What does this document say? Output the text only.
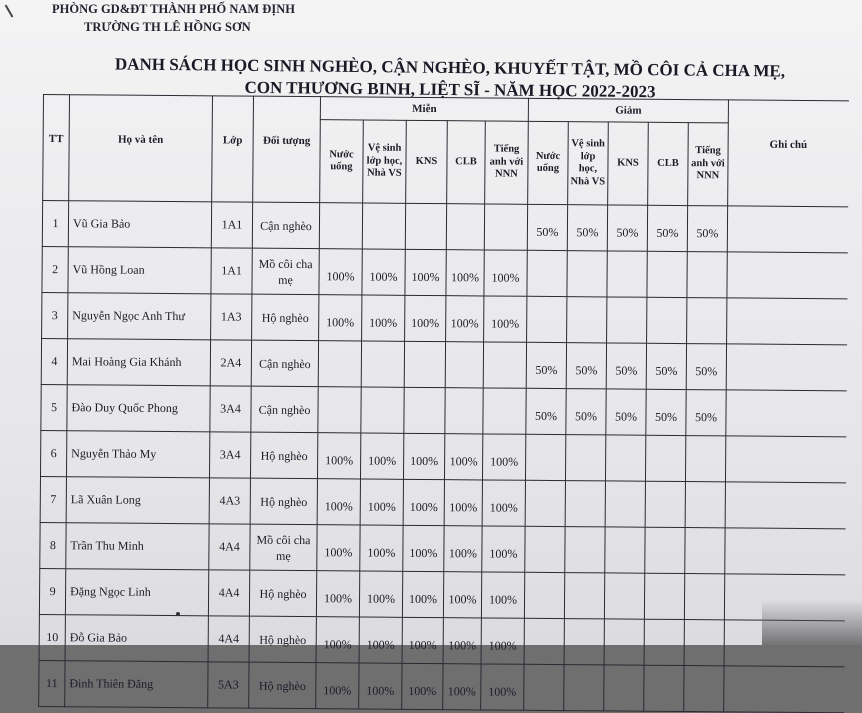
PHÒNG GD&ĐT THÀNH PHỐ NAM ĐỊNH
TRƯỜNG TH LÊ HỒNG SƠN
DANH SÁCH HỌC SINH NGHÈO, CẬN NGHÈO, KHUYẾT TẬT, MỒ CÔI CẢ CHA MẸ,
CON THƯƠNG BINH, LIỆT SĨ - NĂM HỌC 2022-2023
TT	Họ và tên	Lớp	Đối tượng	Miễn					Giảm					Ghi chú
				Nước uống	Vệ sinh lớp học, Nhà VS	KNS	CLB	Tiếng anh với NNN	Nước uống	Vệ sinh lớp học, Nhà VS	KNS	CLB	Tiếng anh với NNN	
1	Vũ Gia Bảo	1A1	Cận nghèo						50%	50%	50%	50%	50%	
2	Vũ Hồng Loan	1A1	Mồ côi cha mẹ	100%	100%	100%	100%	100%						
3	Nguyễn Ngọc Anh Thư	1A3	Hộ nghèo	100%	100%	100%	100%	100%						
4	Mai Hoàng Gia Khánh	2A4	Cận nghèo						50%	50%	50%	50%	50%	
5	Đào Duy Quốc Phong	3A4	Cận nghèo						50%	50%	50%	50%	50%	
6	Nguyễn Thảo My	3A4	Hộ nghèo	100%	100%	100%	100%	100%						
7	Lã Xuân Long	4A3	Hộ nghèo	100%	100%	100%	100%	100%						
8	Trần Thu Minh	4A4	Mồ côi cha mẹ	100%	100%	100%	100%	100%						
9	Đặng Ngọc Linh	4A4	Hộ nghèo	100%	100%	100%	100%	100%						
10	Đỗ Gia Bảo	4A4	Hộ nghèo	100%	100%	100%	100%	100%						
11	Đinh Thiên Đăng	5A3	Hộ nghèo	100%	100%	100%	100%	100%						
